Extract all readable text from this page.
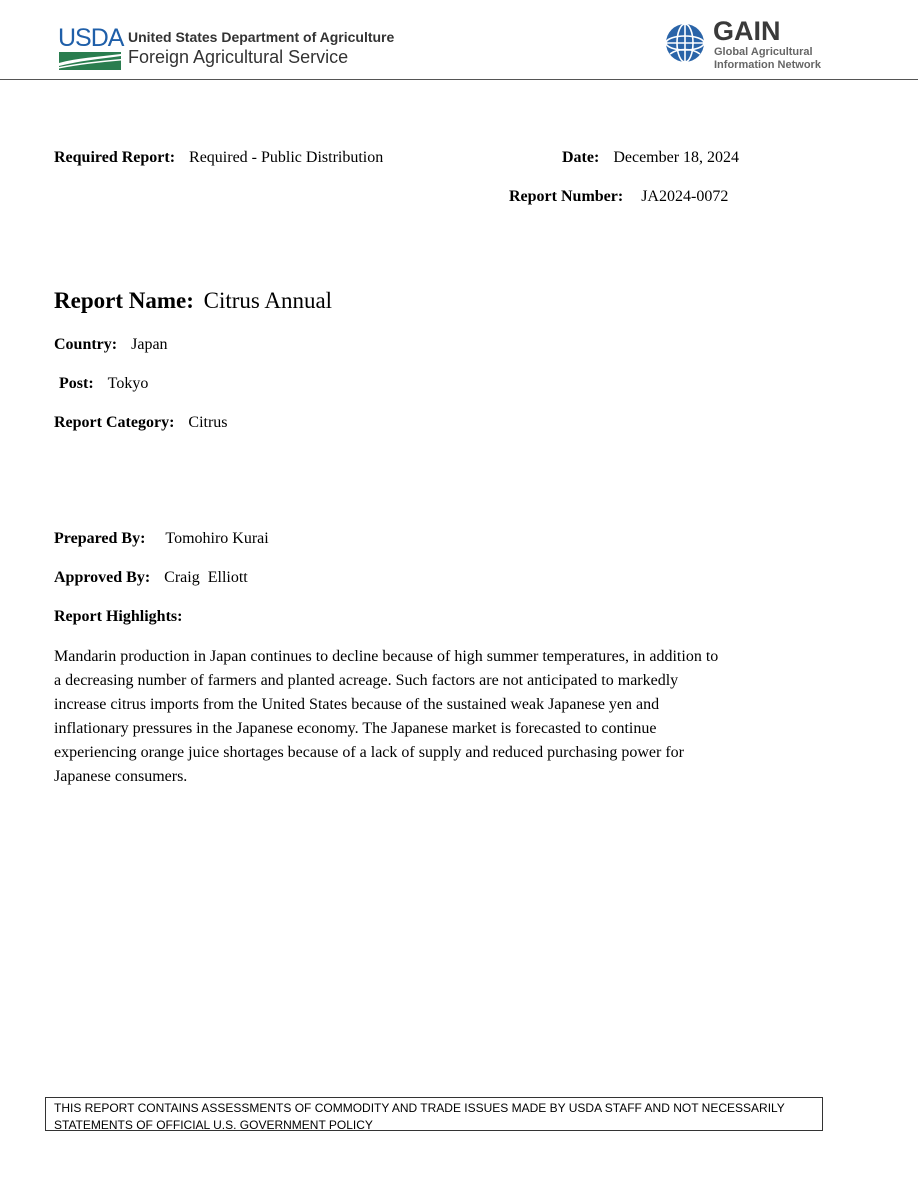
USDA United States Department of Agriculture
Foreign Agricultural Service
GAIN
Global Agricultural
Information Network
Required Report: Required - Public Distribution	Date: December 18, 2024
Report Number: JA2024-0072
Report Name: Citrus Annual
Country: Japan
Post: Tokyo
Report Category: Citrus
Prepared By: Tomohiro Kurai
Approved By: Craig  Elliott
Report Highlights:
Mandarin production in Japan continues to decline because of high summer temperatures, in addition to
a decreasing number of farmers and planted acreage. Such factors are not anticipated to markedly
increase citrus imports from the United States because of the sustained weak Japanese yen and
inflationary pressures in the Japanese economy. The Japanese market is forecasted to continue
experiencing orange juice shortages because of a lack of supply and reduced purchasing power for
Japanese consumers.
THIS REPORT CONTAINS ASSESSMENTS OF COMMODITY AND TRADE ISSUES MADE BY USDA STAFF AND NOT NECESSARILY
STATEMENTS OF OFFICIAL U.S. GOVERNMENT POLICY
